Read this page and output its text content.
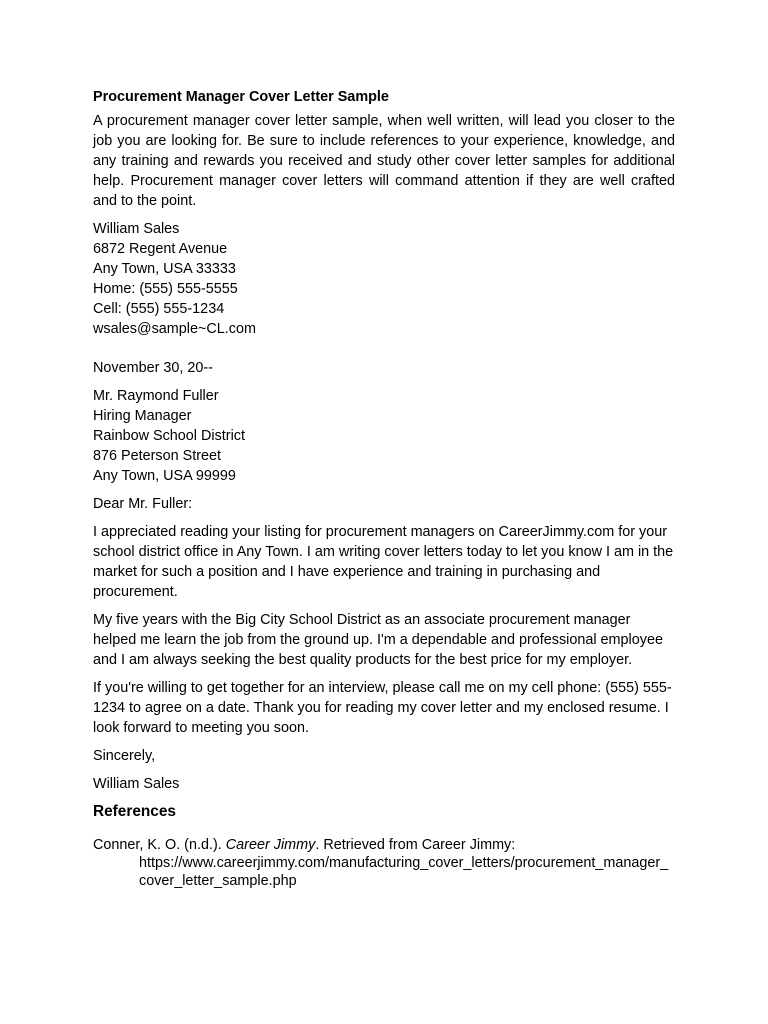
Procurement Manager Cover Letter Sample
A procurement manager cover letter sample, when well written, will lead you closer to the job you are looking for. Be sure to include references to your experience, knowledge, and any training and rewards you received and study other cover letter samples for additional help. Procurement manager cover letters will command attention if they are well crafted and to the point.
William Sales
6872 Regent Avenue
Any Town, USA 33333
Home: (555) 555-5555
Cell: (555) 555-1234
wsales@sample~CL.com
November 30, 20--
Mr. Raymond Fuller
Hiring Manager
Rainbow School District
876 Peterson Street
Any Town, USA 99999
Dear Mr. Fuller:
I appreciated reading your listing for procurement managers on CareerJimmy.com for your school district office in Any Town. I am writing cover letters today to let you know I am in the market for such a position and I have experience and training in purchasing and procurement.
My five years with the Big City School District as an associate procurement manager helped me learn the job from the ground up. I'm a dependable and professional employee and I am always seeking the best quality products for the best price for my employer.
If you're willing to get together for an interview, please call me on my cell phone: (555) 555-1234 to agree on a date. Thank you for reading my cover letter and my enclosed resume. I look forward to meeting you soon.
Sincerely,
William Sales
References
Conner, K. O. (n.d.). Career Jimmy. Retrieved from Career Jimmy:
https://www.careerjimmy.com/manufacturing_cover_letters/procurement_manager_cover_letter_sample.php
